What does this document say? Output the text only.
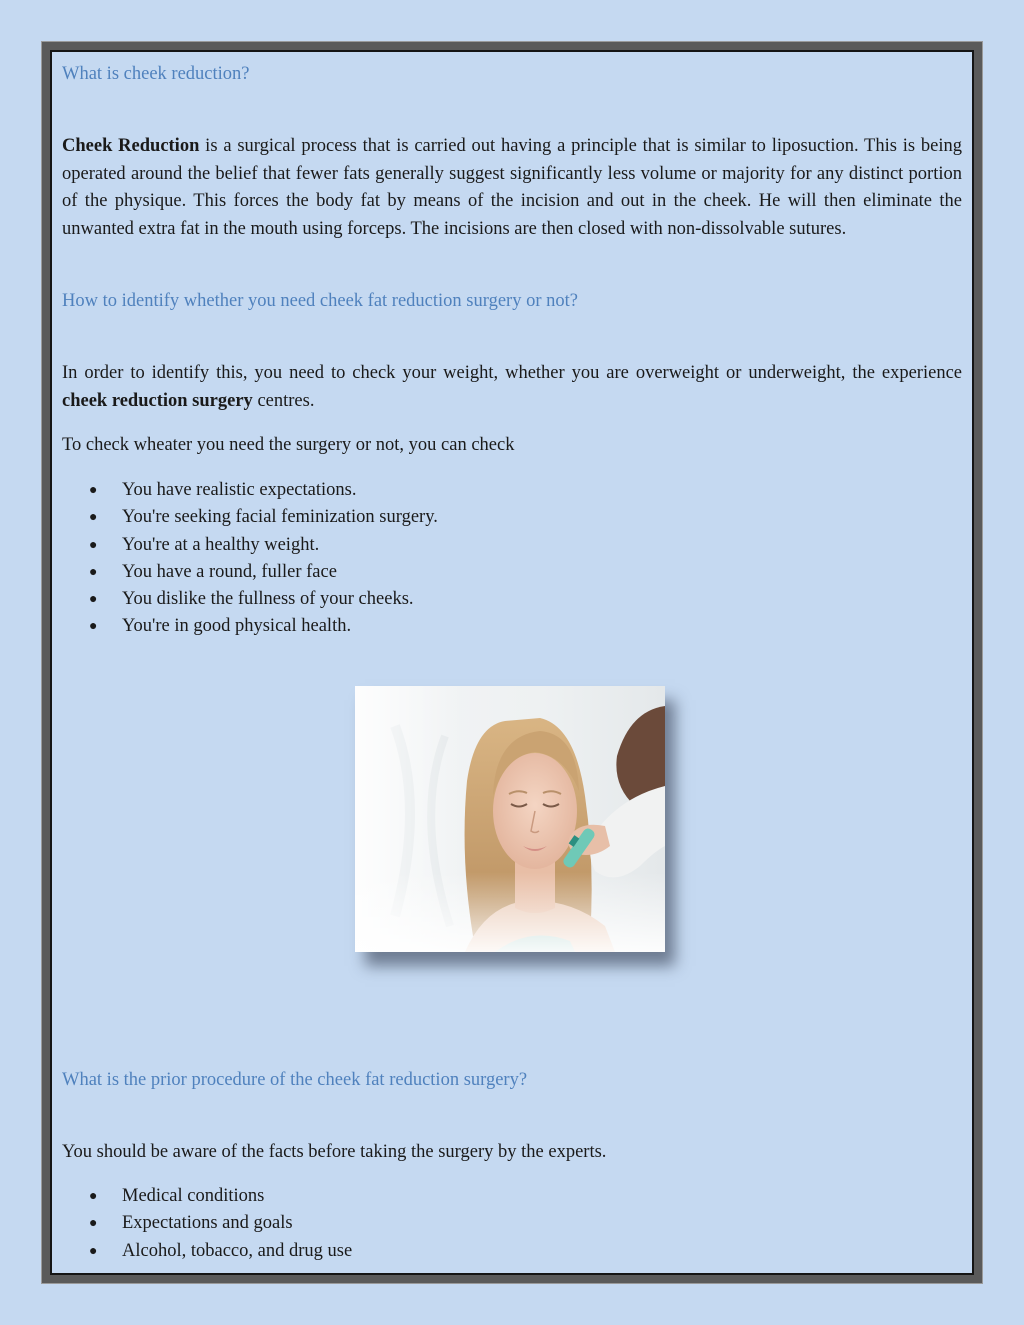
What is cheek reduction?

Cheek Reduction is a surgical process that is carried out having a principle that is similar to liposuction. This is being operated around the belief that fewer fats generally suggest significantly less volume or majority for any distinct portion of the physique. This forces the body fat by means of the incision and out in the cheek. He will then eliminate the unwanted extra fat in the mouth using forceps. The incisions are then closed with non-dissolvable sutures.

How to identify whether you need cheek fat reduction surgery or not?

In order to identify this, you need to check your weight, whether you are overweight or underweight, the experience cheek reduction surgery centres.

To check wheater you need the surgery or not, you can check

● You have realistic expectations.
● You're seeking facial feminization surgery.
● You're at a healthy weight.
● You have a round, fuller face
● You dislike the fullness of your cheeks.
● You're in good physical health.
What is the prior procedure of the cheek fat reduction surgery?

You should be aware of the facts before taking the surgery by the experts.

● Medical conditions
● Expectations and goals
● Alcohol, tobacco, and drug use
